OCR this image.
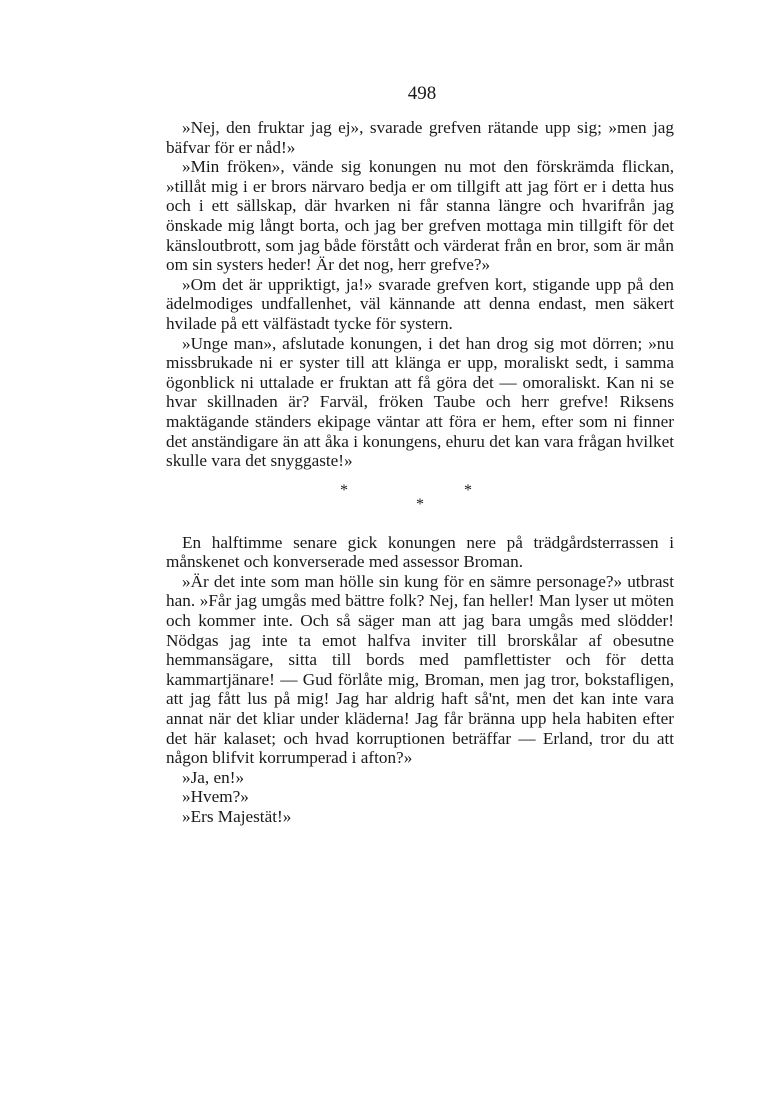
498

»Nej, den fruktar jag ej», svarade grefven rätande upp sig; »men jag bäfvar för er nåd!»

»Min fröken», vände sig konungen nu mot den förskrämda flickan, »tillåt mig i er brors närvaro bedja er om tillgift att jag fört er i detta hus och i ett sällskap, där hvarken ni får stanna längre och hvarifrån jag önskade mig långt borta, och jag ber grefven mottaga min tillgift för det känsloutbrott, som jag både förstått och värderat från en bror, som är mån om sin systers heder! Är det nog, herr grefve?»

»Om det är uppriktigt, ja!» svarade grefven kort, stigande upp på den ädelmodiges undfallenhet, väl kännande att denna endast, men säkert hvilade på ett välfästadt tycke för systern.

»Unge man», afslutade konungen, i det han drog sig mot dörren; »nu missbrukade ni er syster till att klänga er upp, moraliskt sedt, i samma ögonblick ni uttalade er fruktan att få göra det — omoraliskt. Kan ni se hvar skillnaden är? Farväl, fröken Taube och herr grefve! Riksens maktägande ständers ekipage väntar att föra er hem, efter som ni finner det anständigare än att åka i konungens, ehuru det kan vara frågan hvilket skulle vara det snyggaste!»

*	*
*

En halftimme senare gick konungen nere på trädgårdsterrassen i månskenet och konverserade med assessor Broman.

»Är det inte som man hölle sin kung för en sämre personage?» utbrast han. »Får jag umgås med bättre folk? Nej, fan heller! Man lyser ut möten och kommer inte. Och så säger man att jag bara umgås med slödder! Nödgas jag inte ta emot halfva inviter till brorskålar af obesutne hemmansägare, sitta till bords med pamflettister och för detta kammartjänare! — Gud förlåte mig, Broman, men jag tror, bokstafligen, att jag fått lus på mig! Jag har aldrig haft så'nt, men det kan inte vara annat när det kliar under kläderna! Jag får bränna upp hela habiten efter det här kalaset; och hvad korruptionen beträffar — Erland, tror du att någon blifvit korrumperad i afton?»

»Ja, en!»

»Hvem?»

»Ers Majestät!»
